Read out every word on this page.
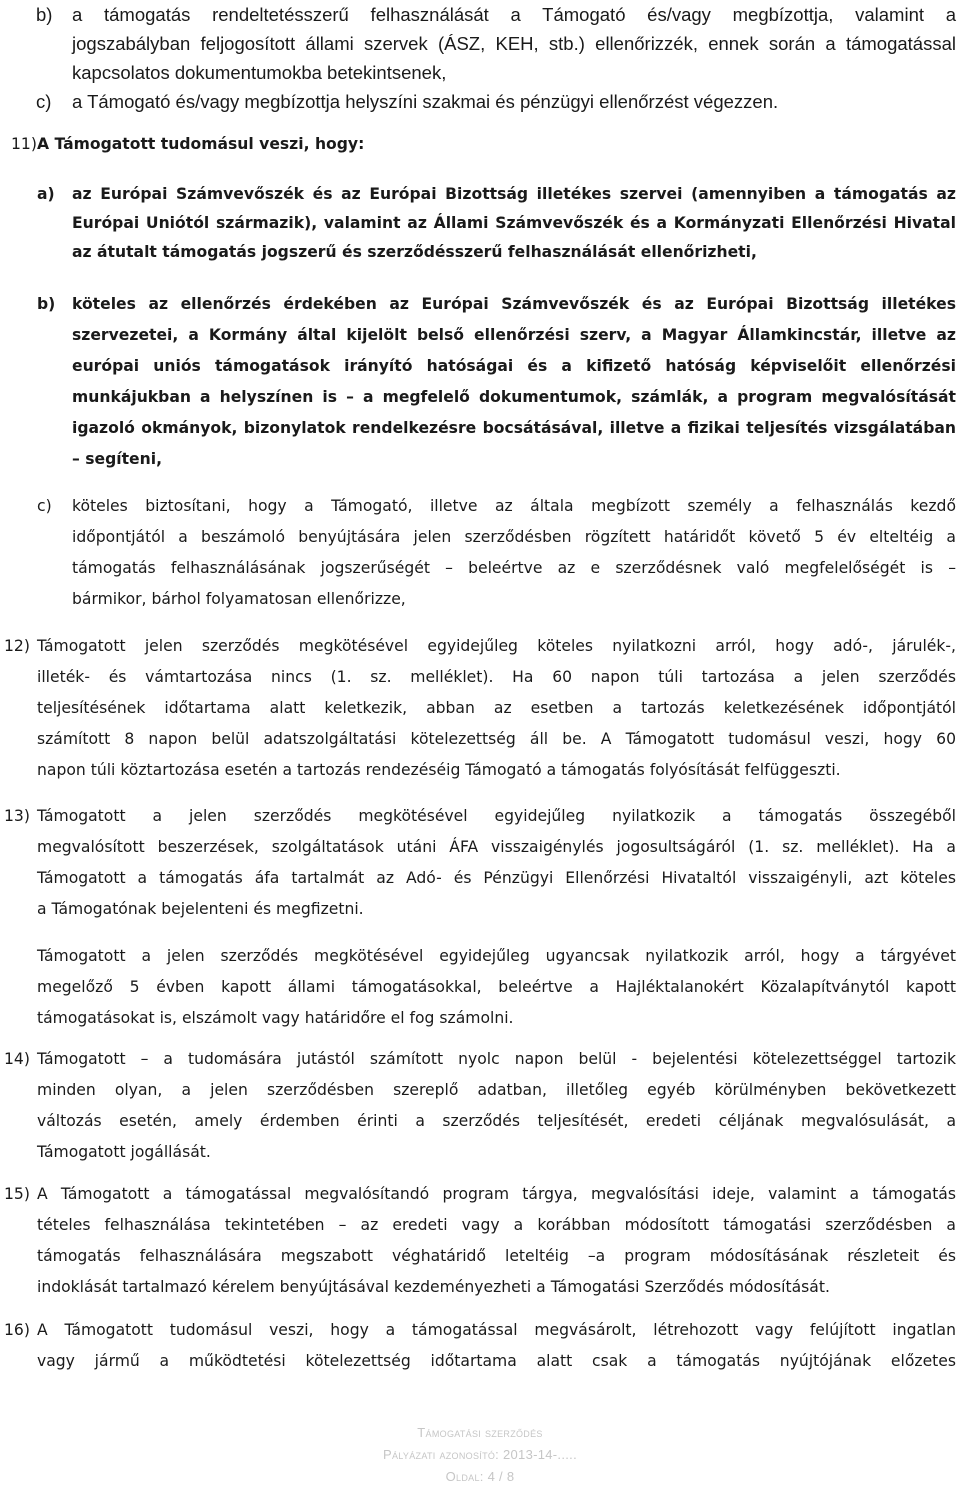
b) a támogatás rendeltetésszerű felhasználását a Támogató és/vagy megbízottja, valamint a
jogszabályban feljogosított állami szervek (ÁSZ, KEH, stb.) ellenőrizzék, ennek során a támogatással
kapcsolatos dokumentumokba betekintsenek,
c) a Támogató és/vagy megbízottja helyszíni szakmai és pénzügyi ellenőrzést végezzen.
11) A Támogatott tudomásul veszi, hogy:
a) az Európai Számvevőszék és az Európai Bizottság illetékes szervei (amennyiben a támogatás az
Európai Uniótól származik), valamint az Állami Számvevőszék és a Kormányzati Ellenőrzési Hivatal
az átutalt támogatás jogszerű és szerződésszerű felhasználását ellenőrizheti,
b) köteles az ellenőrzés érdekében az Európai Számvevőszék és az Európai Bizottság illetékes
szervezetei, a Kormány által kijelölt belső ellenőrzési szerv, a Magyar Államkincstár, illetve az
európai uniós támogatások irányító hatóságai és a kifizető hatóság képviselőit ellenőrzési
munkájukban a helyszínen is – a megfelelő dokumentumok, számlák, a program megvalósítását
igazoló okmányok, bizonylatok rendelkezésre bocsátásával, illetve a fizikai teljesítés vizsgálatában
– segíteni,
c) köteles biztosítani, hogy a Támogató, illetve az általa megbízott személy a felhasználás kezdő
időpontjától a beszámoló benyújtására jelen szerződésben rögzített határidőt követő 5 év elteltéig a
támogatás felhasználásának jogszerűségét – beleértve az e szerződésnek való megfelelőségét is –
bármikor, bárhol folyamatosan ellenőrizze,
12) Támogatott jelen szerződés megkötésével egyidejűleg köteles nyilatkozni arról, hogy adó-, járulék-,
illeték- és vámtartozása nincs (1. sz. melléklet). Ha 60 napon túli tartozása a jelen szerződés
teljesítésének időtartama alatt keletkezik, abban az esetben a tartozás keletkezésének időpontjától
számított 8 napon belül adatszolgáltatási kötelezettség áll be. A Támogatott tudomásul veszi, hogy 60
napon túli köztartozása esetén a tartozás rendezéséig Támogató a támogatás folyósítását felfüggeszti.
13) Támogatott a jelen szerződés megkötésével egyidejűleg nyilatkozik a támogatás összegéből
megvalósított beszerzések, szolgáltatások utáni ÁFA visszaigénylés jogosultságáról (1. sz. melléklet). Ha a
Támogatott a támogatás áfa tartalmát az Adó- és Pénzügyi Ellenőrzési Hivataltól visszaigényli, azt köteles
a Támogatónak bejelenteni és megfizetni.
Támogatott a jelen szerződés megkötésével egyidejűleg ugyancsak nyilatkozik arról, hogy a tárgyévet
megelőző 5 évben kapott állami támogatásokkal, beleértve a Hajléktalanokért Közalapítványtól kapott
támogatásokat is, elszámolt vagy határidőre el fog számolni.
14) Támogatott – a tudomására jutástól számított nyolc napon belül - bejelentési kötelezettséggel tartozik
minden olyan, a jelen szerződésben szereplő adatban, illetőleg egyéb körülményben bekövetkezett
változás esetén, amely érdemben érinti a szerződés teljesítését, eredeti céljának megvalósulását, a
Támogatott jogállását.
15) A Támogatott a támogatással megvalósítandó program tárgya, megvalósítási ideje, valamint a támogatás
tételes felhasználása tekintetében – az eredeti vagy a korábban módosított támogatási szerződésben a
támogatás felhasználására megszabott véghatáridő leteltéig –a program módosításának részleteit és
indoklását tartalmazó kérelem benyújtásával kezdeményezheti a Támogatási Szerződés módosítását.
16) A Támogatott tudomásul veszi, hogy a támogatással megvásárolt, létrehozott vagy felújított ingatlan
vagy jármű a működtetési kötelezettség időtartama alatt csak a támogatás nyújtójának előzetes
Támogatási szerződés
Pályázati azonosító: 2013-14-.....
Oldal: 4 / 8
